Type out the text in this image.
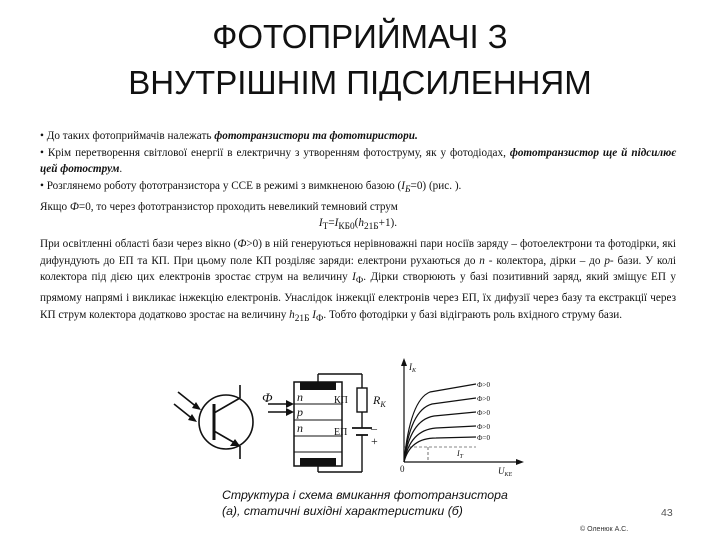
ФОТОПРИЙМАЧІ З
ВНУТРІШНІМ ПІДСИЛЕННЯМ

• До таких фотоприймачів належать фототранзистори та фототиристори.

• Крім перетворення світлової енергії в електричну з утворенням фотоструму, як у фотодіодах, фототранзистор ще й підсилює цей фотострум.

• Розглянемо роботу фототранзистора у ССЕ в режимі з вимкненою базою $(I_Б=0)$ (рис. ).

Якщо Ф=0, то через фототранзистор проходить невеликий темновий струм

$I_Т=I_{КБ0}(h_{21Б}+1)$.

При освітленні області бази через вікно (Ф>0) в ній генеруються нерівноважні пари носіїв заряду – фотоелектрони та фотодірки, які дифундують до ЕП та КП. При цьому поле КП розділяє заряди: електрони рухаються до n - колектора, дірки – до p- бази. У колі колектора під дією цих електронів зростає струм на величину $I_Ф$. Дірки створюють у базі позитивний заряд, який зміщує ЕП у прямому напрямі і викликає інжекцію електронів. Унаслідок інжекції електронів через ЕП, їх дифузії через базу та екстракції через КП струм колектора додатково зростає на величину $h_{21Б}$ $I_Ф$. Тобто фотодірки у базі відіграють роль вхідного струму бази.

n
p
n
Ф	КП
ЕП
$R_К$
–
+
$I_К$
$U_{КЕ}$
0
Ф>0
Ф>0
Ф>0
Ф>0
Ф=0
$I_Т$
Структура і схема вмикання фототранзистора
(а), статичні вихідні характеристики (б)	43
© Оленюк А.С.
